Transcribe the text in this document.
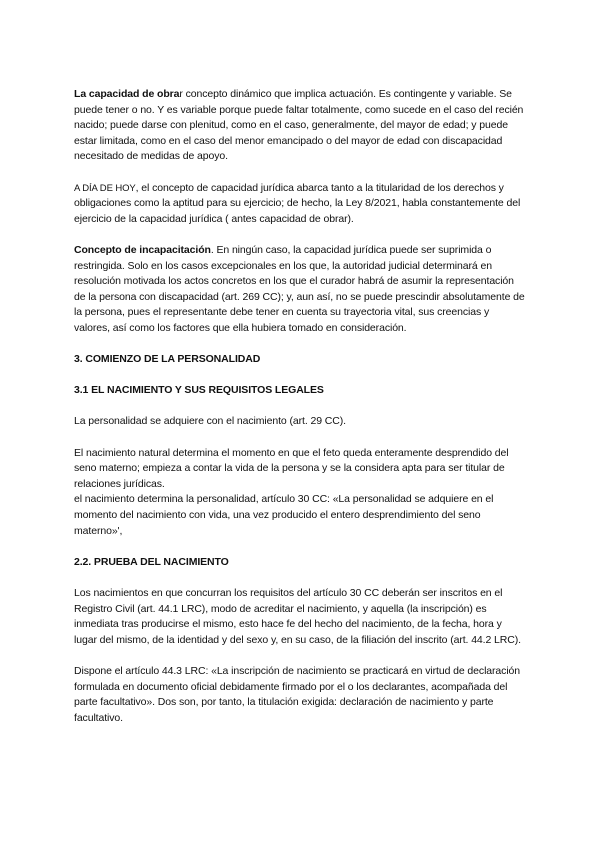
La capacidad de obrar concepto dinámico que implica actuación. Es contingente y variable. Se puede tener o no. Y es variable porque puede faltar totalmente, como sucede en el caso del recién nacido; puede darse con plenitud, como en el caso, generalmente, del mayor de edad; y puede estar limitada, como en el caso del menor emancipado o del mayor de edad con discapacidad necesitado de medidas de apoyo.

A DÍA DE HOY, el concepto de capacidad jurídica abarca tanto a la titularidad de los derechos y obligaciones como la aptitud para su ejercicio; de hecho, la Ley 8/2021, habla constantemente del ejercicio de la capacidad jurídica ( antes capacidad de obrar).

Concepto de incapacitación. En ningún caso, la capacidad jurídica puede ser suprimida o restringida. Solo en los casos excepcionales en los que, la autoridad judicial determinará en resolución motivada los actos concretos en los que el curador habrá de asumir la representación de la persona con discapacidad (art. 269 CC); y, aun así, no se puede prescindir absolutamente de la persona, pues el representante debe tener en cuenta su trayectoria vital, sus creencias y valores, así como los factores que ella hubiera tomado en consideración.

3. COMIENZO DE LA PERSONALIDAD
3.1 EL NACIMIENTO Y SUS REQUISITOS LEGALES

La personalidad se adquiere con el nacimiento (art. 29 CC).

El nacimiento natural determina el momento en que el feto queda enteramente desprendido del seno materno; empieza a contar la vida de la persona y se la considera apta para ser titular de relaciones jurídicas.

el nacimiento determina la personalidad, artículo 30 CC: «La personalidad se adquiere en el momento del nacimiento con vida, una vez producido el entero desprendimiento del seno materno»',

2.2. PRUEBA DEL NACIMIENTO

Los nacimientos en que concurran los requisitos del artículo 30 CC deberán ser inscritos en el Registro Civil (art. 44.1 LRC), modo de acreditar el nacimiento, y aquella (la inscripción) es inmediata tras producirse el mismo, esto hace fe del hecho del nacimiento, de la fecha, hora y lugar del mismo, de la identidad y del sexo y, en su caso, de la filiación del inscrito (art. 44.2 LRC).

Dispone el artículo 44.3 LRC: «La inscripción de nacimiento se practicará en virtud de declaración formulada en documento oficial debidamente firmado por el o los declarantes, acompañada del parte facultativo». Dos son, por tanto, la titulación exigida: declaración de nacimiento y parte facultativo.
